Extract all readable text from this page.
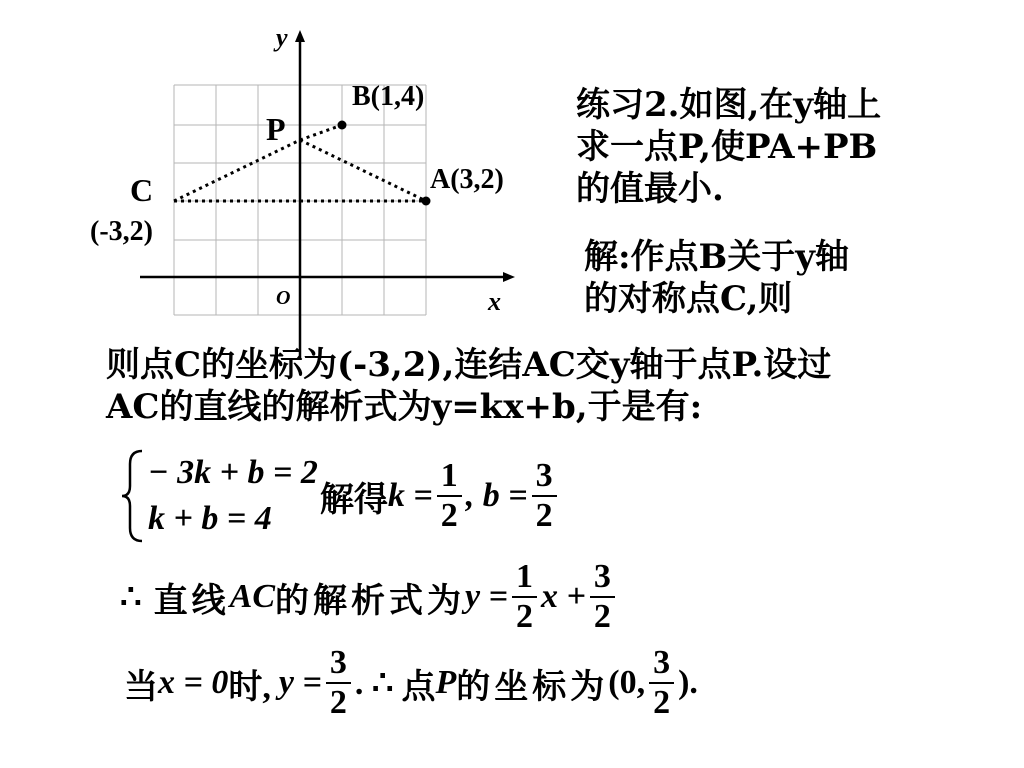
y
x
O
B(1,4)
P
A(3,2)
C
(-3,2)
练习2.如图,在y轴上
求一点P,使PA+PB
的值最小.
解:作点B关于y轴
的对称点C,则
则点C的坐标为(-3,2),连结AC交y轴于点P.设过
AC的直线的解析式为y=kx+b,于是有:
− 3k + b = 2
k + b = 4	解得 $k = \frac{1}{2}$ , $b = \frac{3}{2}$
∴ 直线 AC 的解析式为 $y = \frac{1}{2}$ $x + \frac{3}{2}$
当 x = 0 时, $y = \frac{3}{2}$ . ∴ 点 P 的坐标为 (0, $\frac{3}{2}$ ).
